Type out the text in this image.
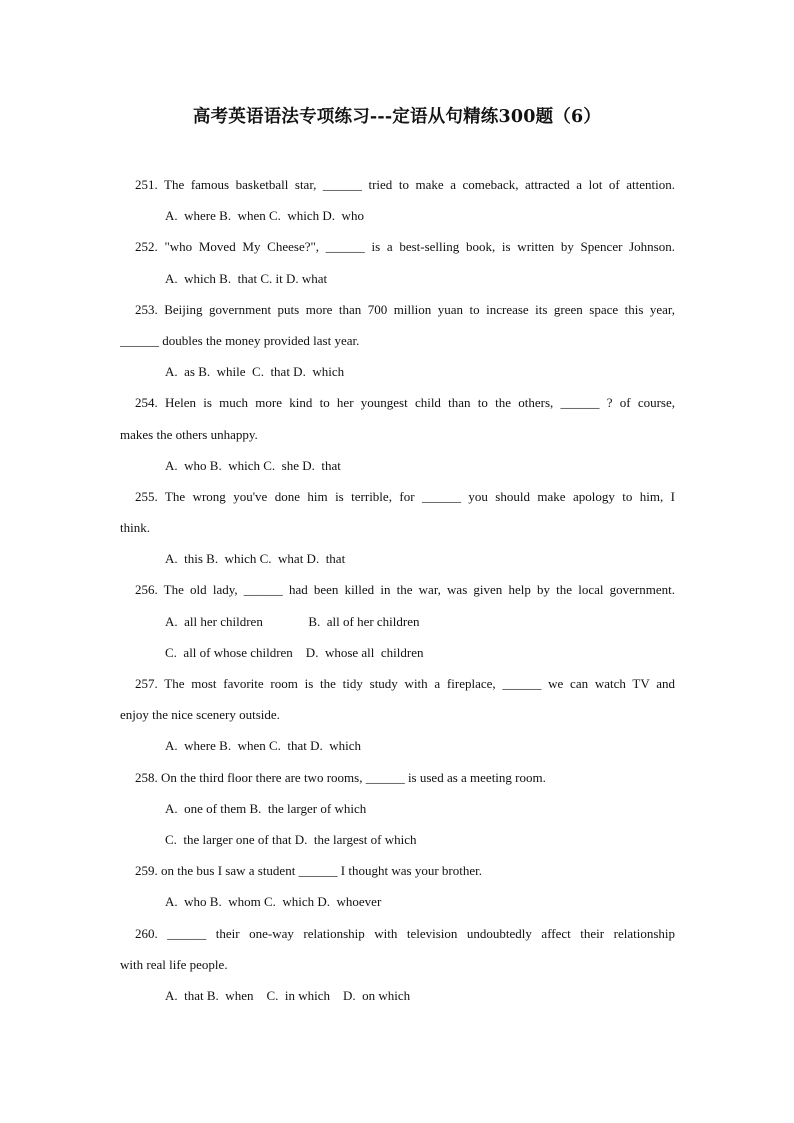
高考英语语法专项练习---定语从句精练300题（6）
251. The famous basketball star, ______ tried to make a comeback, attracted a lot of attention.
A.  where B.  when C.  which D.  who
252. "who Moved My Cheese?", ______ is a best-selling book, is written by Spencer Johnson.
A.  which B.  that C. it D. what
253. Beijing government puts more than 700 million yuan to increase its green space this year,
______ doubles the money provided last year.
A.  as B.  while  C.  that D.  which
254. Helen is much more kind to her youngest child than to the others, ______ ? of course,
makes the others unhappy.
A.  who B.  which C.  she D.  that
255. The wrong you've done him is terrible, for ______ you should make apology to him, I
think.
A.  this B.  which C.  what D.  that
256. The old lady, ______ had been killed in the war, was given help by the local government.
A.  all her children              B.  all of her children
C.  all of whose children    D.  whose all  children
257. The most favorite room is the tidy study with a fireplace, ______ we can watch TV and
enjoy the nice scenery outside.
A.  where B.  when C.  that D.  which
258. On the third floor there are two rooms, ______ is used as a meeting room.
A.  one of them B.  the larger of which
C.  the larger one of that D.  the largest of which
259. on the bus I saw a student ______ I thought was your brother.
A.  who B.  whom C.  which D.  whoever
260. ______ their one-way relationship with television undoubtedly affect their relationship
with real life people.
A.  that B.  when    C.  in which    D.  on which
